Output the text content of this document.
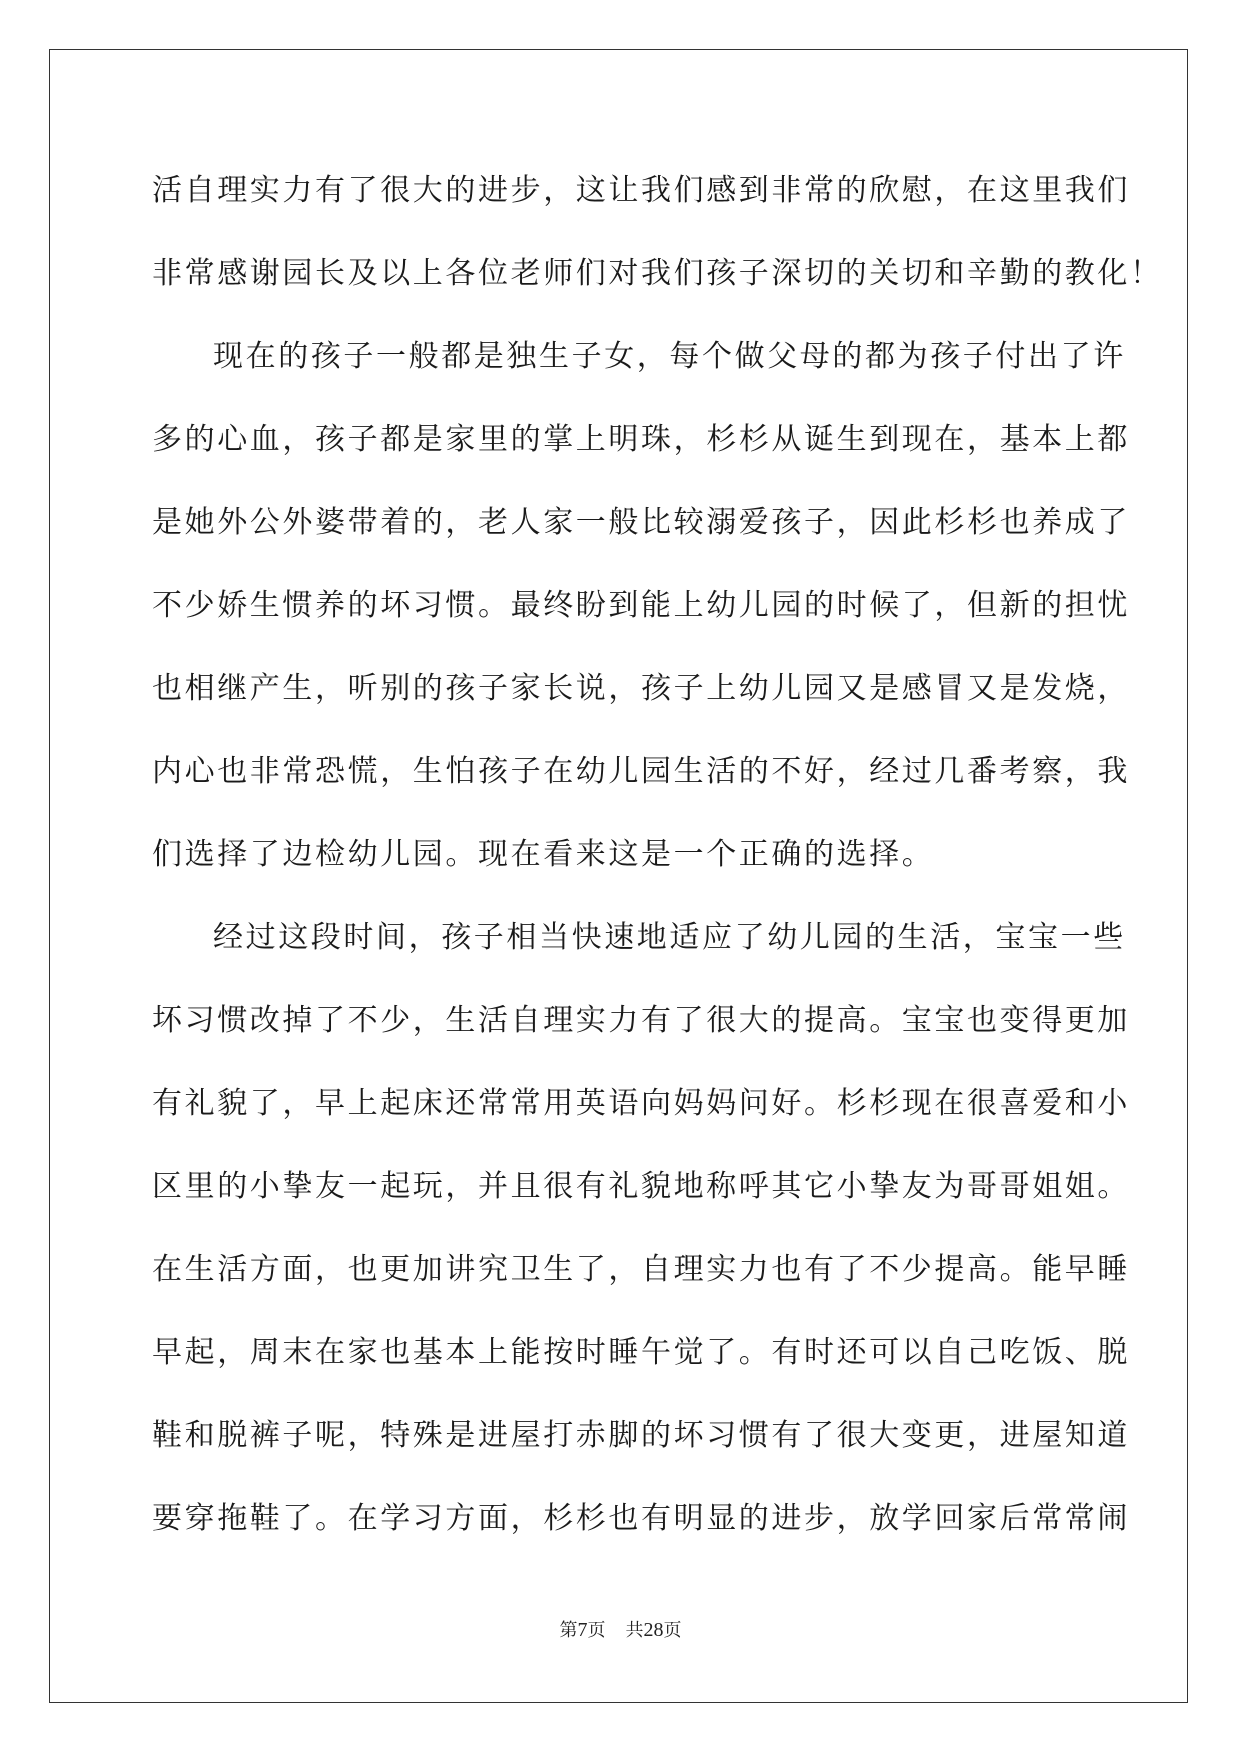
活自理实力有了很大的进步，这让我们感到非常的欣慰，在这里我们
非常感谢园长及以上各位老师们对我们孩子深切的关切和辛勤的教化！
现在的孩子一般都是独生子女，每个做父母的都为孩子付出了许
多的心血，孩子都是家里的掌上明珠，杉杉从诞生到现在，基本上都
是她外公外婆带着的，老人家一般比较溺爱孩子，因此杉杉也养成了
不少娇生惯养的坏习惯。最终盼到能上幼儿园的时候了，但新的担忧
也相继产生，听别的孩子家长说，孩子上幼儿园又是感冒又是发烧，
内心也非常恐慌，生怕孩子在幼儿园生活的不好，经过几番考察，我
们选择了边检幼儿园。现在看来这是一个正确的选择。
经过这段时间，孩子相当快速地适应了幼儿园的生活，宝宝一些
坏习惯改掉了不少，生活自理实力有了很大的提高。宝宝也变得更加
有礼貌了，早上起床还常常用英语向妈妈问好。杉杉现在很喜爱和小
区里的小挚友一起玩，并且很有礼貌地称呼其它小挚友为哥哥姐姐。
在生活方面，也更加讲究卫生了，自理实力也有了不少提高。能早睡
早起，周末在家也基本上能按时睡午觉了。有时还可以自己吃饭、脱
鞋和脱裤子呢，特殊是进屋打赤脚的坏习惯有了很大变更，进屋知道
要穿拖鞋了。在学习方面，杉杉也有明显的进步，放学回家后常常闹
第7页 共28页
